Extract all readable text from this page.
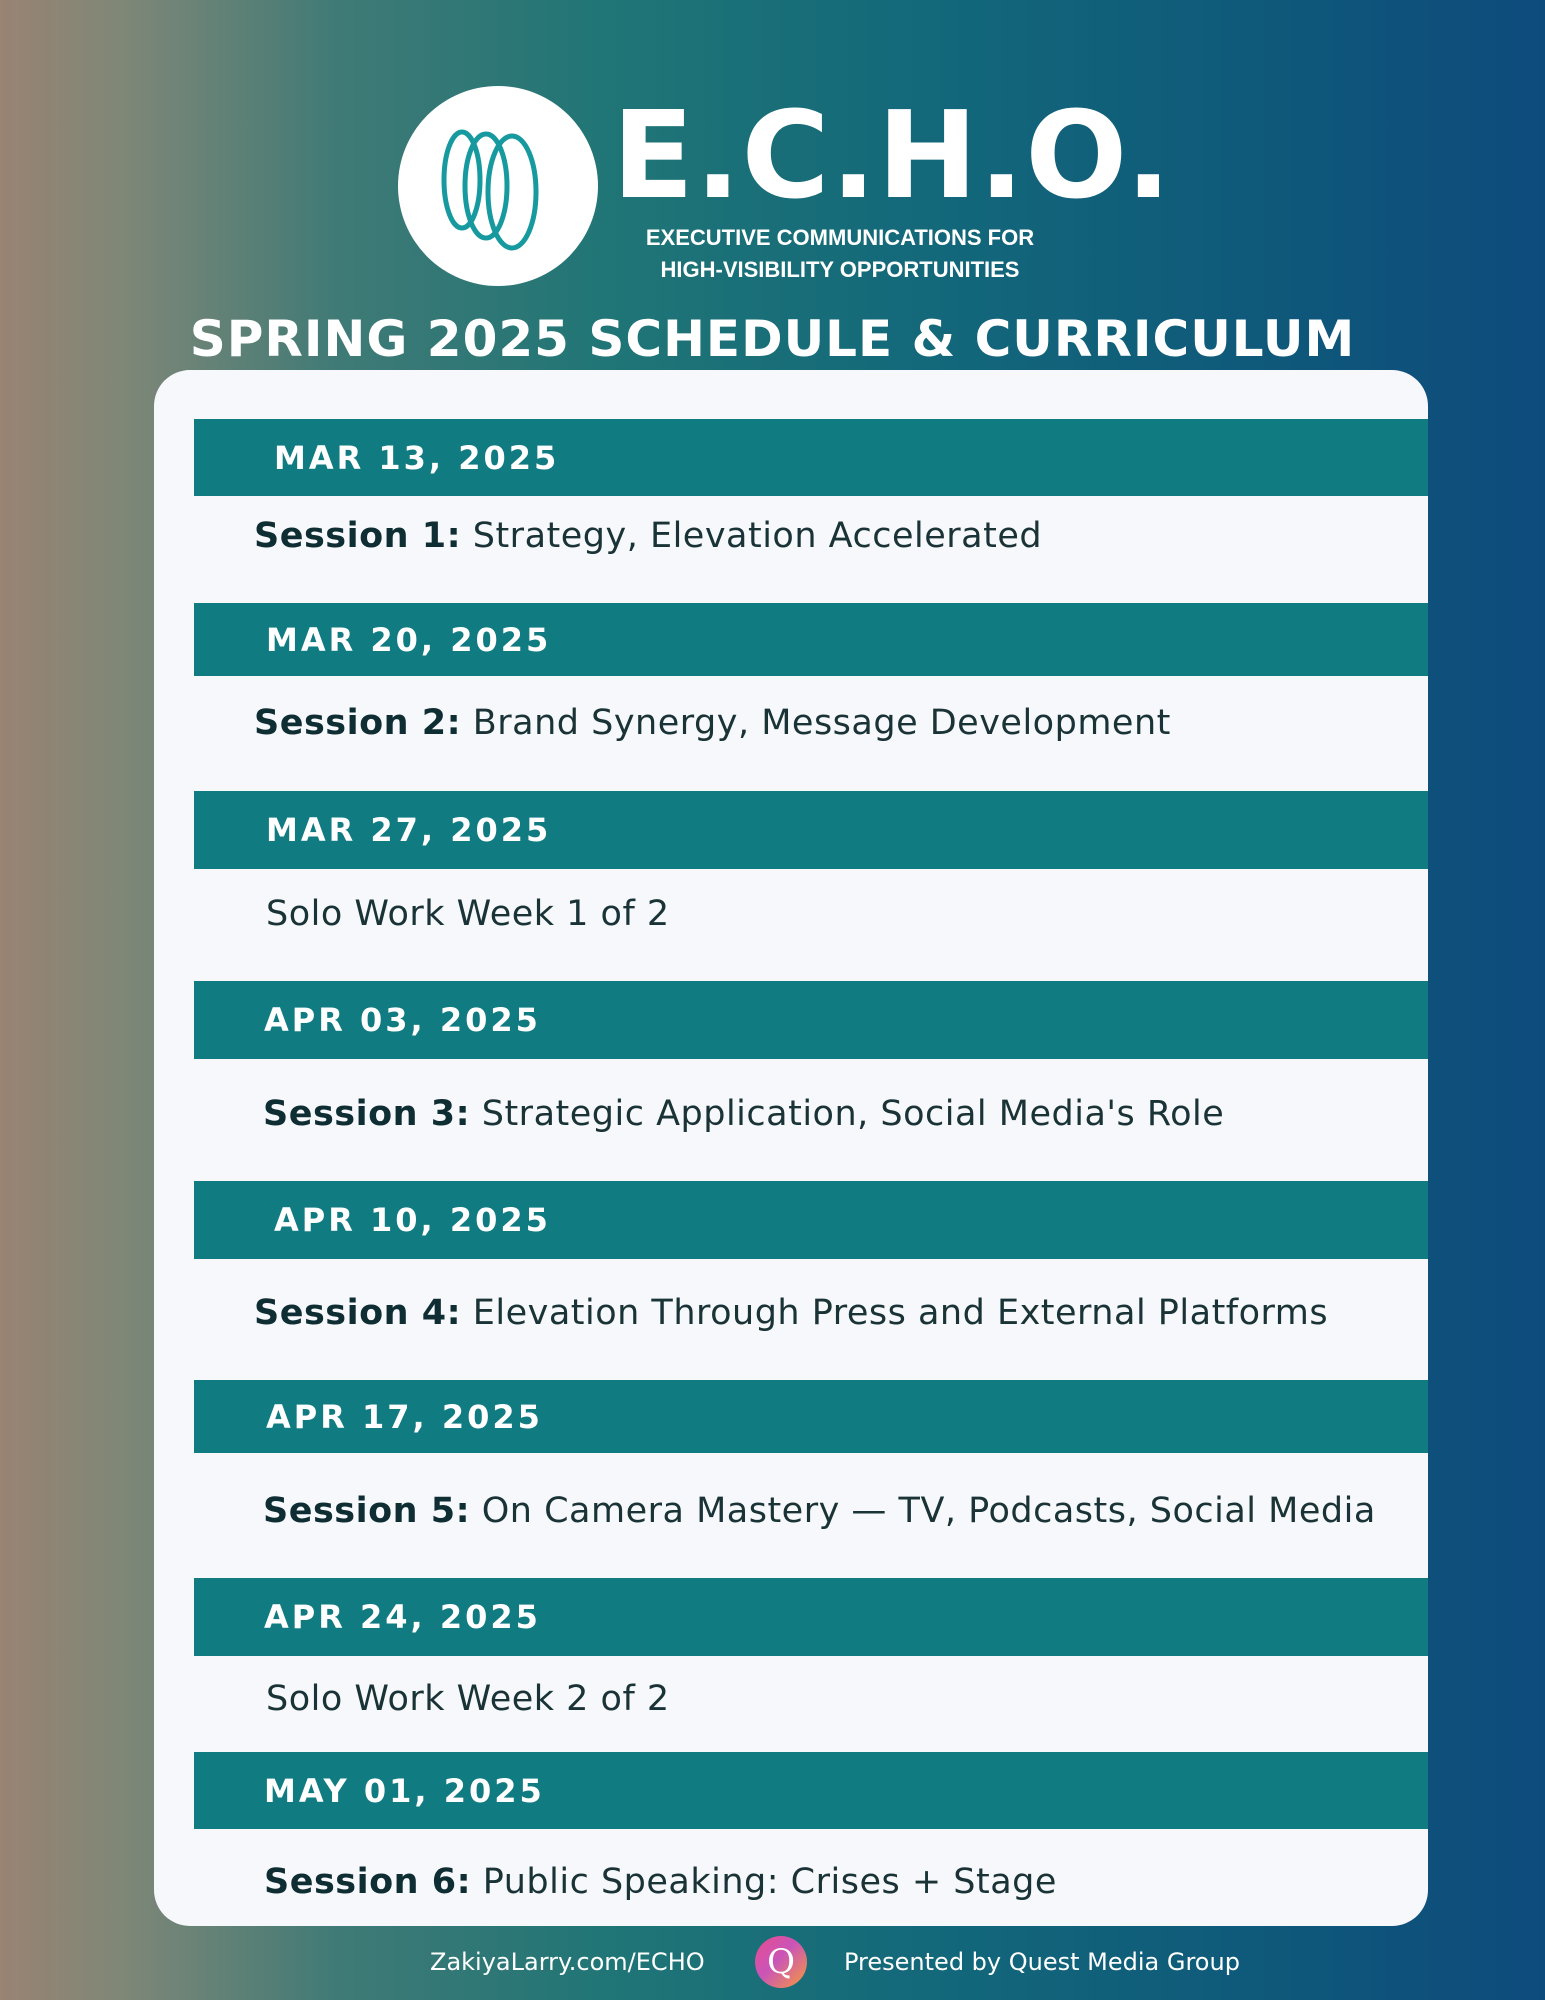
E.C.H.O.
EXECUTIVE COMMUNICATIONS FOR
HIGH-VISIBILITY OPPORTUNITIES
SPRING 2025 SCHEDULE & CURRICULUM
MAR 13, 2025
Session 1: Strategy, Elevation Accelerated
MAR 20, 2025
Session 2: Brand Synergy, Message Development
MAR 27, 2025
Solo Work Week 1 of 2
APR 03, 2025
Session 3: Strategic Application, Social Media's Role
APR 10, 2025
Session 4: Elevation Through Press and External Platforms
APR 17, 2025
Session 5: On Camera Mastery — TV, Podcasts, Social Media
APR 24, 2025
Solo Work Week 2 of 2
MAY 01, 2025
Session 6: Public Speaking: Crises + Stage
ZakiyaLarry.com/ECHO	Q	Presented by Quest Media Group
